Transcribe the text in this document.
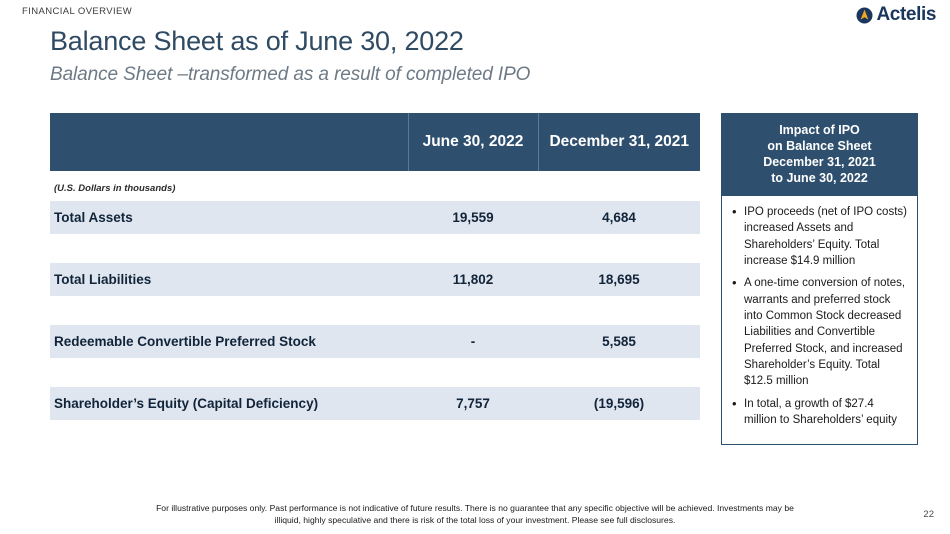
FINANCIAL OVERVIEW	Actelis
Balance Sheet as of June 30, 2022
Balance Sheet –transformed as a result of completed IPO
	June 30, 2022	December 31, 2021
(U.S. Dollars in thousands)		
Total Assets	19,559	4,684

Total Liabilities	11,802	18,695

Redeemable Convertible Preferred Stock	-	5,585

Shareholder’s Equity (Capital Deficiency)	7,757	(19,596)
Impact of IPO
on Balance Sheet
December 31, 2021
to June 30, 2022
• IPO proceeds (net of IPO costs) increased Assets and Shareholders’ Equity. Total increase $14.9 million
• A one-time conversion of notes, warrants and preferred stock into Common Stock decreased Liabilities and Convertible Preferred Stock, and increased Shareholder’s Equity. Total $12.5 million
• In total, a growth of $27.4 million to Shareholders’ equity
For illustrative purposes only. Past performance is not indicative of future results. There is no guarantee that any specific objective will be achieved. Investments may be illiquid, highly speculative and there is risk of the total loss of your investment. Please see full disclosures.
22
